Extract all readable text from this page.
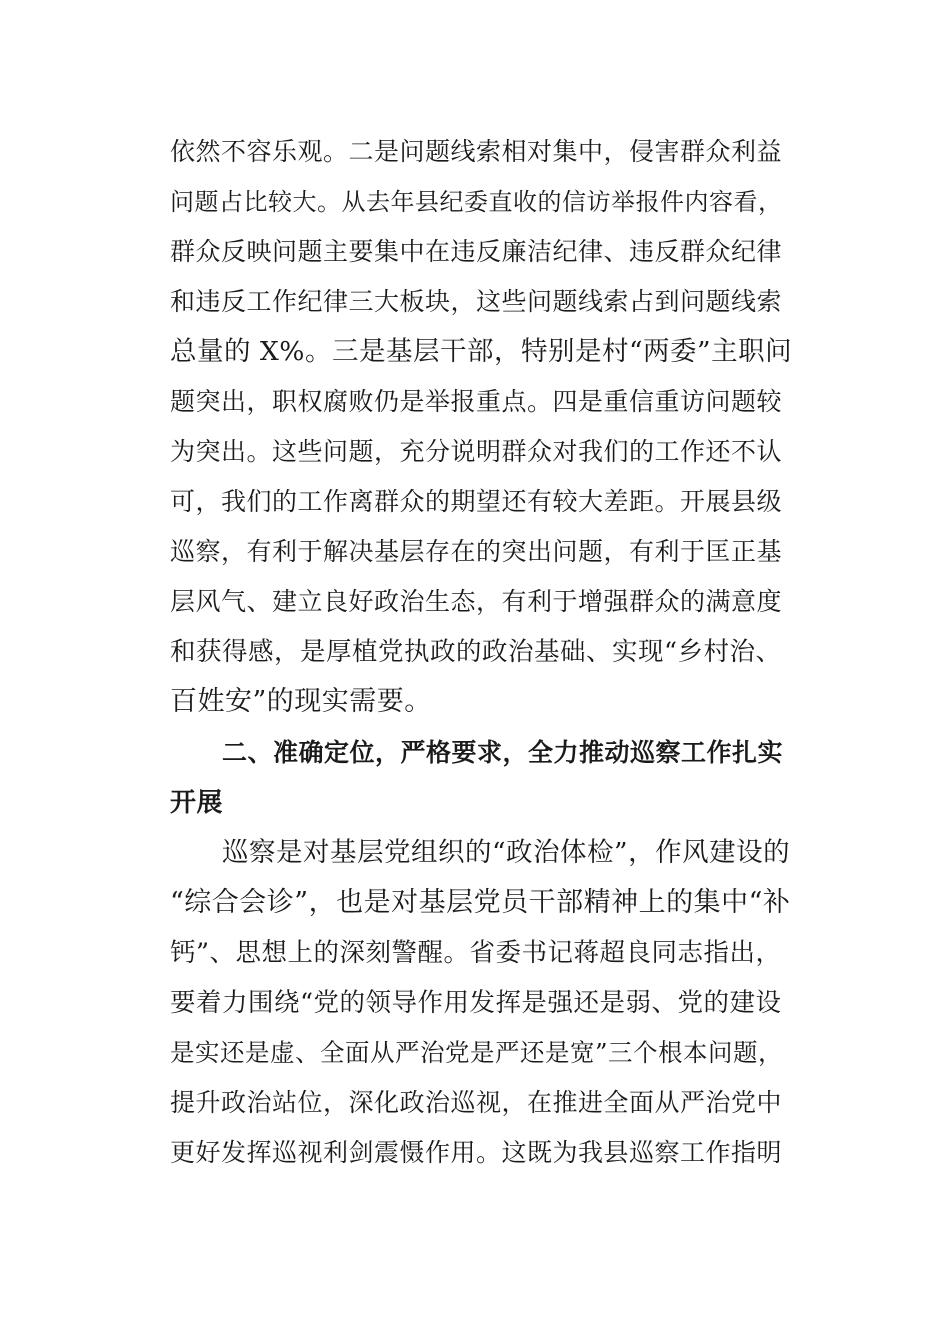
依然不容乐观。二是问题线索相对集中，侵害群众利益
问题占比较大。从去年县纪委直收的信访举报件内容看，
群众反映问题主要集中在违反廉洁纪律、违反群众纪律
和违反工作纪律三大板块，这些问题线索占到问题线索
总量的 X%。三是基层干部，特别是村“两委”主职问
题突出，职权腐败仍是举报重点。四是重信重访问题较
为突出。这些问题，充分说明群众对我们的工作还不认
可，我们的工作离群众的期望还有较大差距。开展县级
巡察，有利于解决基层存在的突出问题，有利于匡正基
层风气、建立良好政治生态，有利于增强群众的满意度
和获得感，是厚植党执政的政治基础、实现“乡村治、
百姓安”的现实需要。
二、准确定位，严格要求，全力推动巡察工作扎实
开展
巡察是对基层党组织的“政治体检”，作风建设的
“综合会诊”，也是对基层党员干部精神上的集中“补
钙”、思想上的深刻警醒。省委书记蒋超良同志指出，
要着力围绕“党的领导作用发挥是强还是弱、党的建设
是实还是虚、全面从严治党是严还是宽”三个根本问题，
提升政治站位，深化政治巡视，在推进全面从严治党中
更好发挥巡视利剑震慑作用。这既为我县巡察工作指明
